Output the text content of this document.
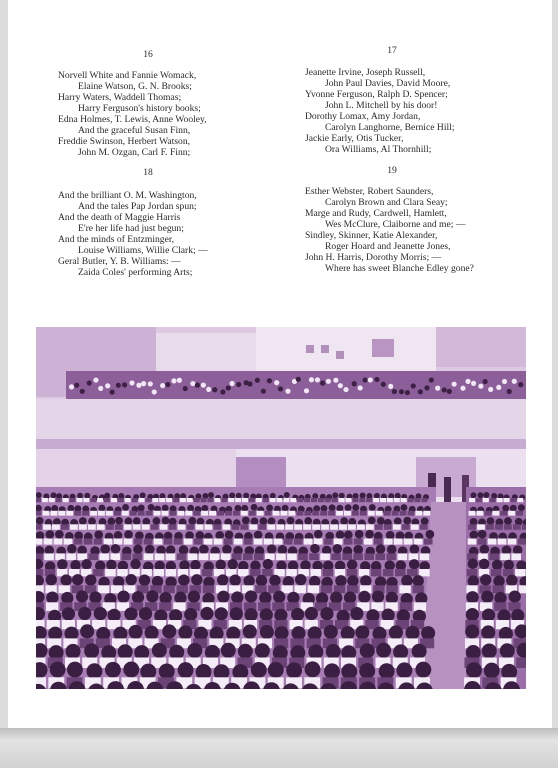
16
Norvell White and Fannie Womack,
Elaine Watson, G. N. Brooks;
Harry Waters, Waddell Thomas;
Harry Ferguson's history books;
Edna Holmes, T. Lewis, Anne Wooley,
And the graceful Susan Finn,
Freddie Swinson, Herbert Watson,
John M. Ozgan, Carl F. Finn;
17
Jeanette Irvine, Joseph Russell,
John Paul Davies, David Moore,
Yvonne Ferguson, Ralph D. Spencer;
John L. Mitchell by his door!
Dorothy Lomax, Amy Jordan,
Carolyn Langhorne, Bernice Hill;
Jackie Early, Otis Tucker,
Ora Williams, Al Thornhill;
18
And the brilliant O. M. Washington,
And the tales Pap Jordan spun;
And the death of Maggie Harris
E're her life had just begun;
And the minds of Entzminger,
Louise Williams, Willie Clark; —
Geral Butler, Y. B. Williams: —
Zaida Coles' performing Arts;
19
Esther Webster, Robert Saunders,
Carolyn Brown and Clara Seay;
Marge and Rudy, Cardwell, Hamlett,
Wes McClure, Claiborne and me; —
Sindley, Skinner, Katie Alexander,
Roger Hoard and Jeanette Jones,
John H. Harris, Dorothy Morris; —
Where has sweet Blanche Edley gone?
